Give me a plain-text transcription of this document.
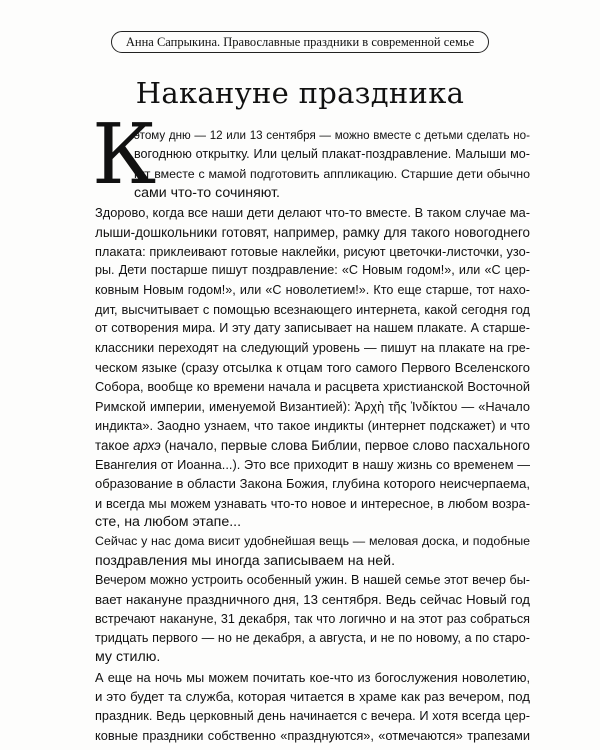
Анна Сапрыкина. Православные праздники в современной семье
Накануне праздника
К
этому дню — 12 или 13 сентября — можно вместе с детьми сделать но-
вогоднюю открытку. Или целый плакат-поздравление. Малыши мо-
гут вместе с мамой подготовить аппликацию. Старшие дети обычно
сами что-то сочиняют.
Здорово, когда все наши дети делают что-то вместе. В таком случае ма-
лыши-дошкольники готовят, например, рамку для такого новогоднего
плаката: приклеивают готовые наклейки, рисуют цветочки-листочки, узо-
ры. Дети постарше пишут поздравление: «С Новым годом!», или «С цер-
ковным Новым годом!», или «С новолетием!». Кто еще старше, тот нахо-
дит, высчитывает с помощью всезнающего интернета, какой сегодня год
от сотворения мира. И эту дату записывает на нашем плакате. А старше-
классники переходят на следующий уровень — пишут на плакате на гре-
ческом языке (сразу отсылка к отцам того самого Первого Вселенского
Собора, вообще ко времени начала и расцвета христианской Восточной
Римской империи, именуемой Византией): Ἀρχὴ τῆς Ἰνδίκτου — «Начало
индикта». Заодно узнаем, что такое индикты (интернет подскажет) и что
такое архэ (начало, первые слова Библии, первое слово пасхального
Евангелия от Иоанна...). Это все приходит в нашу жизнь со временем —
образование в области Закона Божия, глубина которого неисчерпаема,
и всегда мы можем узнавать что-то новое и интересное, в любом возра-
сте, на любом этапе...
Сейчас у нас дома висит удобнейшая вещь — меловая доска, и подобные
поздравления мы иногда записываем на ней.
Вечером можно устроить особенный ужин. В нашей семье этот вечер бы-
вает накануне праздничного дня, 13 сентября. Ведь сейчас Новый год
встречают накануне, 31 декабря, так что логично и на этот раз собраться
тридцать первого — но не декабря, а августа, и не по новому, а по старо-
му стилю.
А еще на ночь мы можем почитать кое-что из богослужения новолетию,
и это будет та служба, которая читается в храме как раз вечером, под
праздник. Ведь церковный день начинается с вечера. И хотя всегда цер-
ковные праздники собственно «празднуются», «отмечаются» трапезами
